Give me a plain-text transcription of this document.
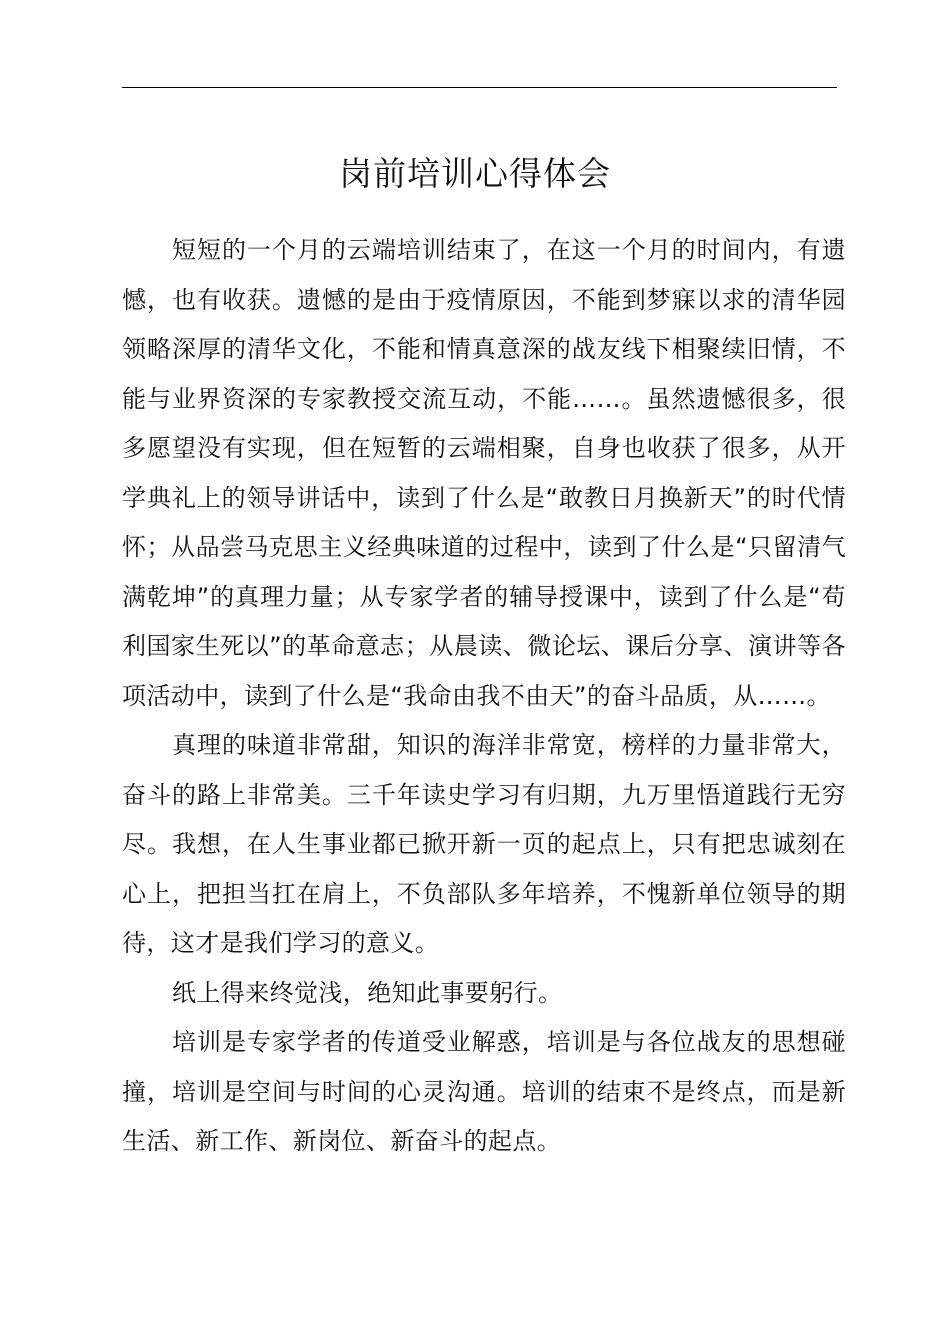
岗前培训心得体会

短短的一个月的云端培训结束了，在这一个月的时间内，有遗憾，也有收获。遗憾的是由于疫情原因，不能到梦寐以求的清华园领略深厚的清华文化，不能和情真意深的战友线下相聚续旧情，不能与业界资深的专家教授交流互动，不能……。虽然遗憾很多，很多愿望没有实现，但在短暂的云端相聚，自身也收获了很多，从开学典礼上的领导讲话中，读到了什么是“敢教日月换新天”的时代情怀；从品尝马克思主义经典味道的过程中，读到了什么是“只留清气满乾坤”的真理力量；从专家学者的辅导授课中，读到了什么是“苟利国家生死以”的革命意志；从晨读、微论坛、课后分享、演讲等各项活动中，读到了什么是“我命由我不由天”的奋斗品质，从……。

真理的味道非常甜，知识的海洋非常宽，榜样的力量非常大，奋斗的路上非常美。三千年读史学习有归期，九万里悟道践行无穷尽。我想，在人生事业都已掀开新一页的起点上，只有把忠诚刻在心上，把担当扛在肩上，不负部队多年培养，不愧新单位领导的期待，这才是我们学习的意义。

纸上得来终觉浅，绝知此事要躬行。

培训是专家学者的传道受业解惑，培训是与各位战友的思想碰撞，培训是空间与时间的心灵沟通。培训的结束不是终点，而是新生活、新工作、新岗位、新奋斗的起点。
